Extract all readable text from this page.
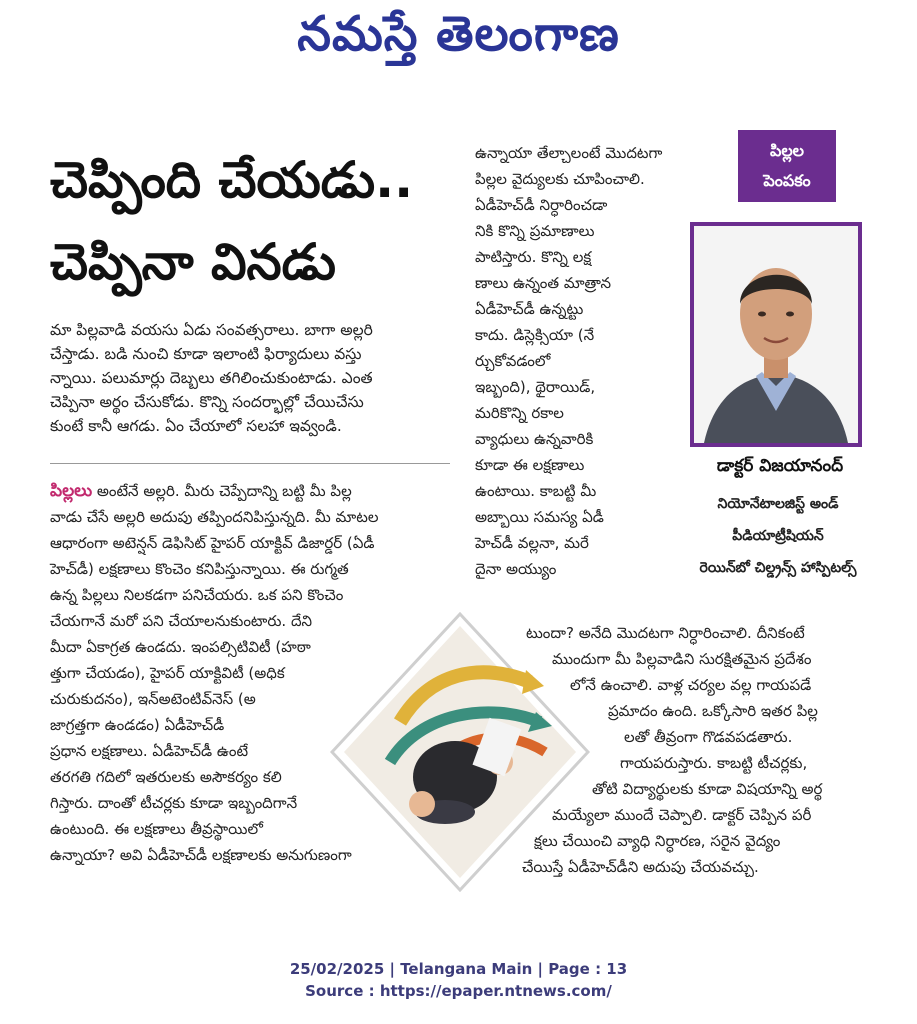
నమస్తే తెలంగాణ
చెప్పింది చేయడు..
చెప్పినా వినడు
మా పిల్లవాడి వయసు ఏడు సంవత్సరాలు. బాగా అల్లరి
చేస్తాడు. బడి నుంచి కూడా ఇలాంటి ఫిర్యాదులు వస్తు
న్నాయి. పలుమార్లు దెబ్బలు తగిలించుకుంటాడు. ఎంత
చెప్పినా అర్థం చేసుకోడు. కొన్ని సందర్భాల్లో చేయిచేసు
కుంటే కానీ ఆగడు. ఏం చేయాలో సలహా ఇవ్వండి.
పిల్లలు అంటేనే అల్లరి. మీరు చెప్పేదాన్ని బట్టి మీ పిల్ల
వాడు చేసే అల్లరి అదుపు తప్పిందనిపిస్తున్నది. మీ మాటల
ఆధారంగా అటెన్షన్ డెఫిసిట్ హైపర్ యాక్టివ్ డిజార్డర్ (ఏడీ
హెచ్‌డీ) లక్షణాలు కొంచెం కనిపిస్తున్నాయి. ఈ రుగ్మత
ఉన్న పిల్లలు నిలకడగా పనిచేయరు. ఒక పని కొంచెం
చేయగానే మరో పని చేయాలనుకుంటారు. దేని
మీదా ఏకాగ్రత ఉండదు. ఇంపల్సిటివిటీ (హఠా
త్తుగా చేయడం), హైపర్ యాక్టివిటీ (అధిక
చురుకుదనం), ఇన్‌అటెంటివ్‌నెస్ (అ
జాగ్రత్తగా ఉండడం) ఏడీహెచ్‌డీ
ప్రధాన లక్షణాలు. ఏడీహెచ్‌డీ ఉంటే
తరగతి గదిలో ఇతరులకు అసౌకర్యం కలి
గిస్తారు. దాంతో టీచర్లకు కూడా ఇబ్బందిగానే
ఉంటుంది. ఈ లక్షణాలు తీవ్రస్థాయిలో
ఉన్నాయా? అవి ఏడీహెచ్‌డీ లక్షణాలకు అనుగుణంగా
ఉన్నాయా తేల్చాలంటే మొదటగా
పిల్లల వైద్యులకు చూపించాలి.
ఏడీహెచ్‌డీ నిర్ధారించడా
నికి కొన్ని ప్రమాణాలు
పాటిస్తారు. కొన్ని లక్ష
ణాలు ఉన్నంత మాత్రాన
ఏడీహెచ్‌డీ ఉన్నట్టు
కాదు. డిస్లెక్సియా (నే
ర్చుకోవడంలో
ఇబ్బంది), థైరాయిడ్,
మరికొన్ని రకాల
వ్యాధులు ఉన్నవారికి
కూడా ఈ లక్షణాలు
ఉంటాయి. కాబట్టి మీ
అబ్బాయి సమస్య ఏడీ
హెచ్‌డీ వల్లనా, మరే
దైనా అయ్యుం
పిల్లల
పెంపకం
డాక్టర్ విజయానంద్
నియోనేటాలజిస్ట్ అండ్
పీడియాట్రీషియన్
రెయిన్‌బో చిల్డ్రన్స్ హాస్పిటల్స్
టుందా? అనేది మొదటగా నిర్ధారించాలి. దీనికంటే
ముందుగా మీ పిల్లవాడిని సురక్షితమైన ప్రదేశం
లోనే ఉంచాలి. వాళ్ల చర్యల వల్ల గాయపడే
ప్రమాదం ఉంది. ఒక్కోసారి ఇతర పిల్ల
లతో తీవ్రంగా గొడవపడతారు.
గాయపరుస్తారు. కాబట్టి టీచర్లకు,
తోటి విద్యార్థులకు కూడా విషయాన్ని అర్థ
మయ్యేలా ముందే చెప్పాలి. డాక్టర్ చెప్పిన పరీ
క్షలు చేయించి వ్యాధి నిర్ధారణ, సరైన వైద్యం
చేయిస్తే ఏడీహెచ్‌డీని అదుపు చేయవచ్చు.
25/02/2025 | Telangana Main | Page : 13
Source : https://epaper.ntnews.com/
